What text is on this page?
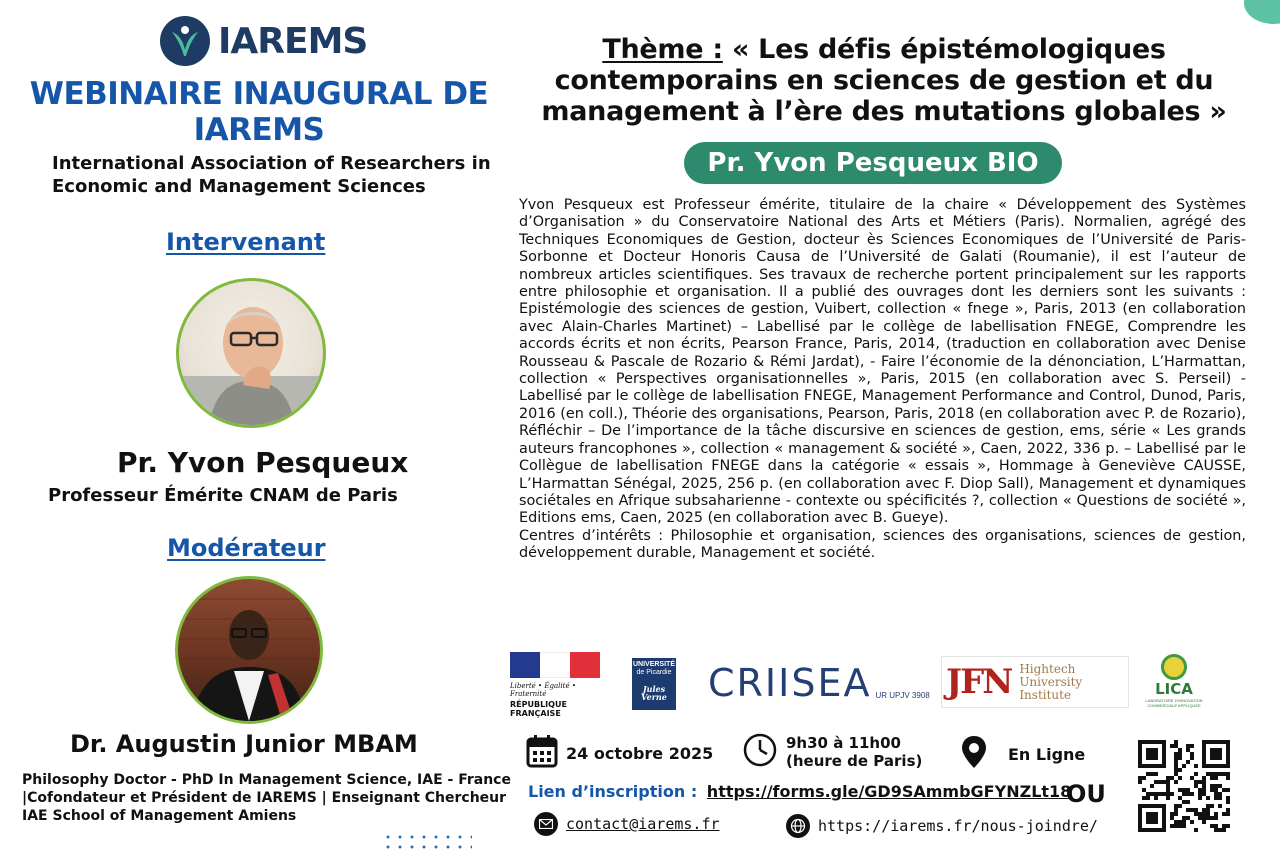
IAREMS
WEBINAIRE INAUGURAL DE IAREMS
International Association of Researchers in Economic and Management Sciences
Intervenant
Pr. Yvon Pesqueux
Professeur Émérite CNAM de Paris
Modérateur
Dr. Augustin Junior MBAM
Philosophy Doctor - PhD In Management Science, IAE - France |Cofondateur et Président de IAREMS | Enseignant Chercheur IAE School of Management Amiens
Thème : « Les défis épistémologiques contemporains en sciences de gestion et du management à l’ère des mutations globales »
Pr. Yvon Pesqueux BIO

Yvon Pesqueux est Professeur émérite, titulaire de la chaire « Développement des Systèmes d’Organisation » du Conservatoire National des Arts et Métiers (Paris). Normalien, agrégé des Techniques Economiques de Gestion, docteur ès Sciences Economiques de l’Université de Paris-Sorbonne et Docteur Honoris Causa de l’Université de Galati (Roumanie), il est l’auteur de nombreux articles scientifiques. Ses travaux de recherche portent principalement sur les rapports entre philosophie et organisation. Il a publié des ouvrages dont les derniers sont les suivants : Epistémologie des sciences de gestion, Vuibert, collection « fnege », Paris, 2013 (en collaboration avec Alain-Charles Martinet) – Labellisé par le collège de labellisation FNEGE, Comprendre les accords écrits et non écrits, Pearson France, Paris, 2014, (traduction en collaboration avec Denise Rousseau & Pascale de Rozario & Rémi Jardat), - Faire l’économie de la dénonciation, L’Harmattan, collection « Perspectives organisationnelles », Paris, 2015 (en collaboration avec S. Perseil) - Labellisé par le collège de labellisation FNEGE, Management Performance and Control, Dunod, Paris, 2016 (en coll.), Théorie des organisations, Pearson, Paris, 2018 (en collaboration avec P. de Rozario), Réfléchir – De l’importance de la tâche discursive en sciences de gestion, ems, série « Les grands auteurs francophones », collection « management & société », Caen, 2022, 336 p. – Labellisé par le Collègue de labellisation FNEGE dans la catégorie « essais », Hommage à Geneviève CAUSSE, L’Harmattan Sénégal, 2025, 256 p. (en collaboration avec F. Diop Sall), Management et dynamiques sociétales en Afrique subsaharienne - contexte ou spécificités ?, collection « Questions de société », Editions ems, Caen, 2025 (en collaboration avec B. Gueye).

Centres d’intérêts : Philosophie et organisation, sciences des organisations, sciences de gestion, développement durable, Management et société.

Liberté • Égalité • Fraternité
RÉPUBLIQUE FRANÇAISE
UNIVERSITÉ
de Picardie
Jules Verne CRIISEA UR UPJV 3908 JFN Hightech
University
Institute	LICA
LABORATOIRE D'INNOVATION COMMERCIALE APPLIQUÉE
24 octobre 2025
9h30 à 11h00
(heure de Paris)	En Ligne
Lien d’inscription : https://forms.gle/GD9SAmmbGFYNZLt18
OU
contact@iarems.fr	https://iarems.fr/nous-joindre/
